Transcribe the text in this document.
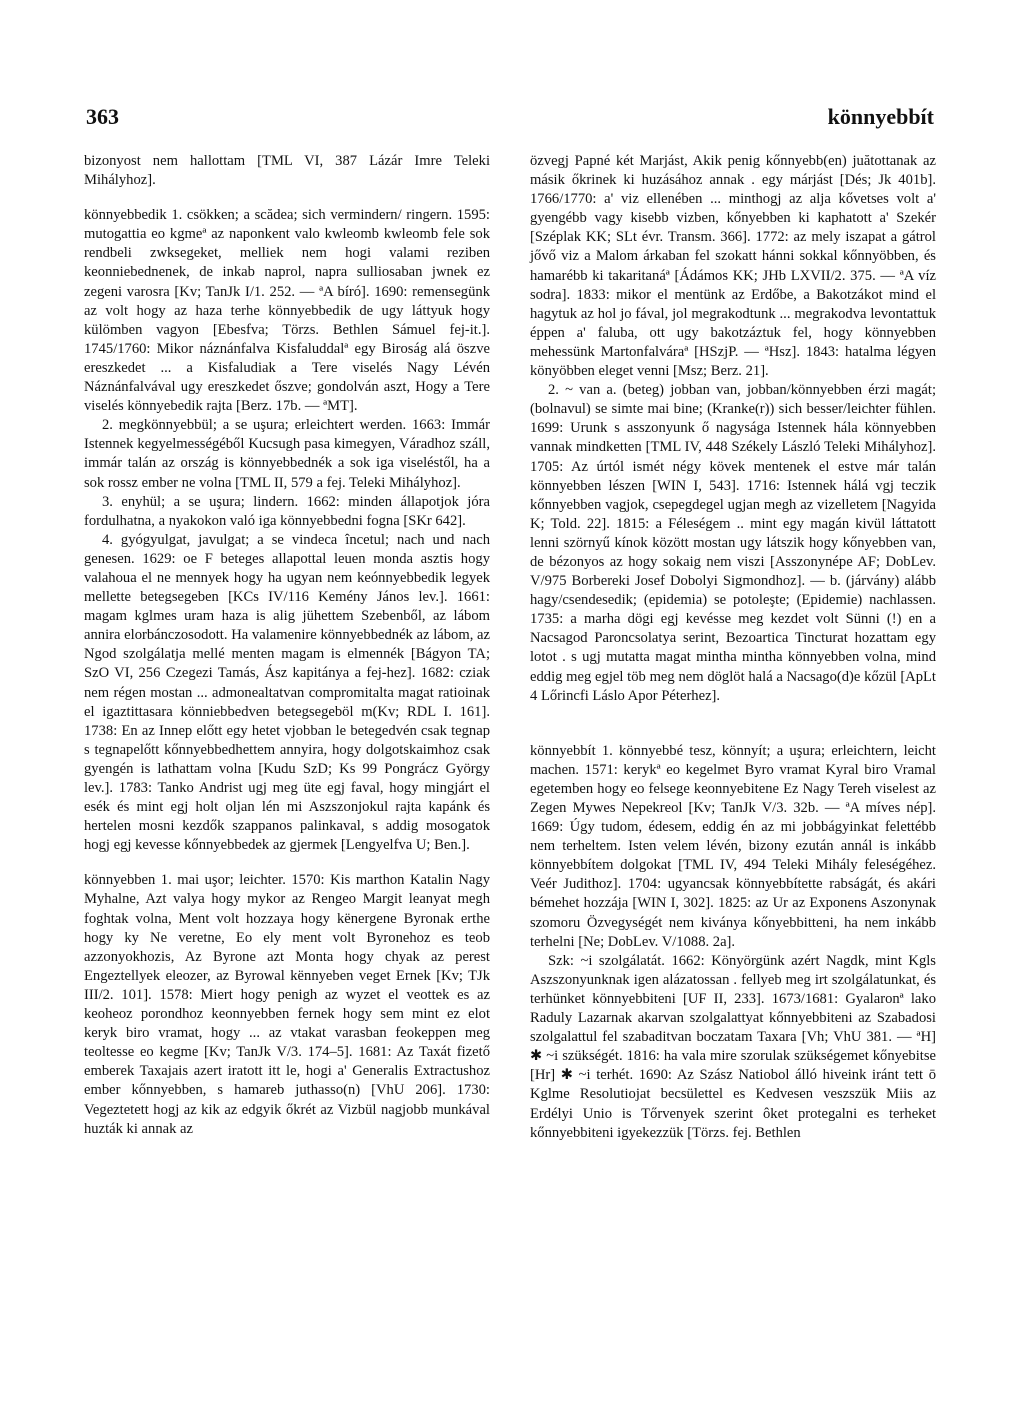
363	könnyebbít

bizonyost nem hallottam [TML VI, 387 Lázár Imre Teleki Mihályhoz].

könnyebbedik 1. csökken; a scădea; sich vermindern/ ringern. 1595: mutogattia eo kgmeª az naponkent valo kwleomb kwleomb fele sok rendbeli zwksegeket, melliek nem hogi valami reziben keonniebednenek, de inkab naprol, napra sulliosaban jwnek ez zegeni varosra [Kv; TanJk I/1. 252. — ªA bíró]. 1690: remensegünk az volt hogy az haza terhe könnyebbedik de ugy láttyuk hogy külömben vagyon [Ebesfva; Törzs. Bethlen Sámuel fej-it.]. 1745/1760: Mikor náznánfalva Kisfaluddalª egy Biroság alá öszve ereszkedet ... a Kisfaludiak a Tere viselés Nagy Lévén Náznánfalvával ugy ereszkedet őszve; gondolván aszt, Hogy a Tere viselés könnyebedik rajta [Berz. 17b. — ªMT].

2. megkönnyebbül; a se uşura; erleichtert werden. 1663: Immár Istennek kegyelmességéből Kucsugh pasa kimegyen, Váradhoz száll, immár talán az ország is könnyebbednék a sok iga viseléstől, ha a sok rossz ember ne volna [TML II, 579 a fej. Teleki Mihályhoz].

3. enyhül; a se uşura; lindern. 1662: minden állapotjok jóra fordulhatna, a nyakokon való iga könnyebbedni fogna [SKr 642].

4. gyógyulgat, javulgat; a se vindeca încetul; nach und nach genesen. 1629: oe F beteges allapottal leuen monda asztis hogy valahoua el ne mennyek hogy ha ugyan nem keónnyebbedik legyek mellette betegsegeben [KCs IV/116 Kemény János lev.]. 1661: magam kglmes uram haza is alig jühettem Szebenből, az lábom annira elorbánczosodott. Ha valamenire könnyebbednék az lábom, az Ngod szolgálatja mellé menten magam is elmennék [Bágyon TA; SzO VI, 256 Czegezi Tamás, Ász kapitánya a fej-hez]. 1682: cziak nem régen mostan ... admonealtatvan compromitalta magat ratioinak el igaztittasara könniebbedven betegsegeböl m(Kv; RDL I. 161]. 1738: En az Innep előtt egy hetet vjobban le betegedvén csak tegnap s tegnapelőtt kőnnyebbedhettem annyira, hogy dolgotskaimhoz csak gyengén is lathattam volna [Kudu SzD; Ks 99 Pongrácz György lev.]. 1783: Tanko Andrist ugj meg üte egj faval, hogy mingjárt el esék és mint egj holt oljan lén mi Aszszonjokul rajta kapánk és hertelen mosni kezdők szappanos palinkaval, s addig mosogatok hogj egj kevesse kőnnyebbedek az gjermek [Lengyelfva U; Ben.].

könnyebben 1. mai uşor; leichter. 1570: Kis marthon Katalin Nagy Myhalne, Azt valya hogy mykor az Rengeo Margit leanyat megh foghtak volna, Ment volt hozzaya hogy kënergene Byronak erthe hogy ky Ne veretne, Eo ely ment volt Byronehoz es teob azzonyokhozis, Az Byrone azt Monta hogy chyak az perest Engeztellyek eleozer, az Byrowal kënnyeben veget Ernek [Kv; TJk III/2. 101]. 1578: Miert hogy penigh az wyzet el veottek es az keoheoz porondhoz keonnyebben fernek hogy sem mint ez elot keryk biro vramat, hogy ... az vtakat varasban feokeppen meg teoltesse eo kegme [Kv; TanJk V/3. 174–5]. 1681: Az Taxát fizető emberek Taxajais azert iratott itt le, hogi a' Generalis Extractushoz ember kőnnyebben, s hamareb juthasso(n) [VhU 206]. 1730: Vegeztetett hogj az kik az edgyik őkrét az Vizbül nagjobb munkával huzták ki annak az

özvegj Papné két Marjást, Akik penig kőnnyebb(en) juătottanak az másik őkrinek ki huzásához annak . egy márjást [Dés; Jk 401b]. 1766/1770: a' viz ellenében ... minthogj az alja kővetses volt a' gyengébb vagy kisebb vizben, kőnyebben ki kaphatott a' Szekér [Széplak KK; SLt évr. Transm. 366]. 1772: az mely iszapat a gátrol jővő viz a Malom árkaban fel szokatt hánni sokkal kőnnyöbben, és hamarébb ki takaritanáª [Ádámos KK; JHb LXVII/2. 375. — ªA víz sodra]. 1833: mikor el mentünk az Erdőbe, a Bakotzákot mind el hagytuk az hol jo fával, jol megrakodtunk ... megrakodva levontattuk éppen a' faluba, ott ugy bakotzáztuk fel, hogy könnyebben mehessünk Martonfalváraª [HSzjP. — ªHsz]. 1843: hatalma légyen könyöbben eleget venni [Msz; Berz. 21].

2. ~ van a. (beteg) jobban van, jobban/könnyebben érzi magát; (bolnavul) se simte mai bine; (Kranke(r)) sich besser/leichter fühlen. 1699: Urunk s asszonyunk ő nagysága Istennek hála könnyebben vannak mindketten [TML IV, 448 Székely László Teleki Mihályhoz]. 1705: Az úrtól ismét négy kövek mentenek el estve már talán könnyebben lészen [WIN I, 543]. 1716: Istennek hálá vgj teczik kőnnyebben vagjok, csepegdegel ugjan megh az vizelletem [Nagyida K; Told. 22]. 1815: a Féleségem .. mint egy magán kivül láttatott lenni szörnyű kínok között mostan ugy látszik hogy kőnyebben van, de bézonyos az hogy sokaig nem viszi [Asszonynépe AF; DobLev. V/975 Borbereki Josef Dobolyi Sigmondhoz]. — b. (járvány) alább hagy/csendesedik; (epidemia) se potoleşte; (Epidemie) nachlassen. 1735: a marha dögi egj kevésse meg kezdet volt Sünni (!) en a Nacsagod Paroncsolatya serint, Bezoartica Tincturat hozattam egy lotot . s ugj mutatta magat mintha mintha könnyebben volna, mind eddig meg egjel töb meg nem döglöt halá a Nacsago(d)e kőzül [ApLt 4 Lőrincfi Láslo Apor Péterhez].

könnyebbít 1. könnyebbé tesz, könnyít; a uşura; erleichtern, leicht machen. 1571: kerykª eo kegelmet Byro vramat Kyral biro Vramal egetemben hogy eo felsege keonnyebitene Ez Nagy Tereh viselest az Zegen Mywes Nepekreol [Kv; TanJk V/3. 32b. — ªA míves nép]. 1669: Úgy tudom, édesem, eddig én az mi jobbágyinkat felettébb nem terheltem. Isten velem lévén, bizony ezután annál is inkább könnyebbítem dolgokat [TML IV, 494 Teleki Mihály feleségéhez. Veér Judithoz]. 1704: ugyancsak könnyebbítette rabságát, és akári bémehet hozzája [WIN I, 302]. 1825: az Ur az Exponens Aszonynak szomoru Özvegységét nem kiványa kőnyebbitteni, ha nem inkább terhelni [Ne; DobLev. V/1088. 2a].

Szk: ~i szolgálatát. 1662: Könyörgünk azért Nagdk, mint Kgls Aszszonyunknak igen alázatossan . fellyeb meg irt szolgálatunkat, és terhünket könnyebbiteni [UF II, 233]. 1673/1681: Gyalaronª lako Raduly Lazarnak akarvan szolgalattyat kőnnyebbiteni az Szabadosi szolgalattul fel szabaditvan boczatam Taxara [Vh; VhU 381. — ªH] ✱ ~i szükségét. 1816: ha vala mire szorulak szükségemet kőnyebitse [Hr] ✱ ~i terhét. 1690: Az Szász Natiobol álló hiveink iránt tett ō Kglme Resolutiojat becsülettel es Kedvesen veszszük Miis az Erdélyi Unio is Tőrvenyek szerint ôket protegalni es terheket kőnnyebbiteni igyekezzük [Törzs. fej. Bethlen
